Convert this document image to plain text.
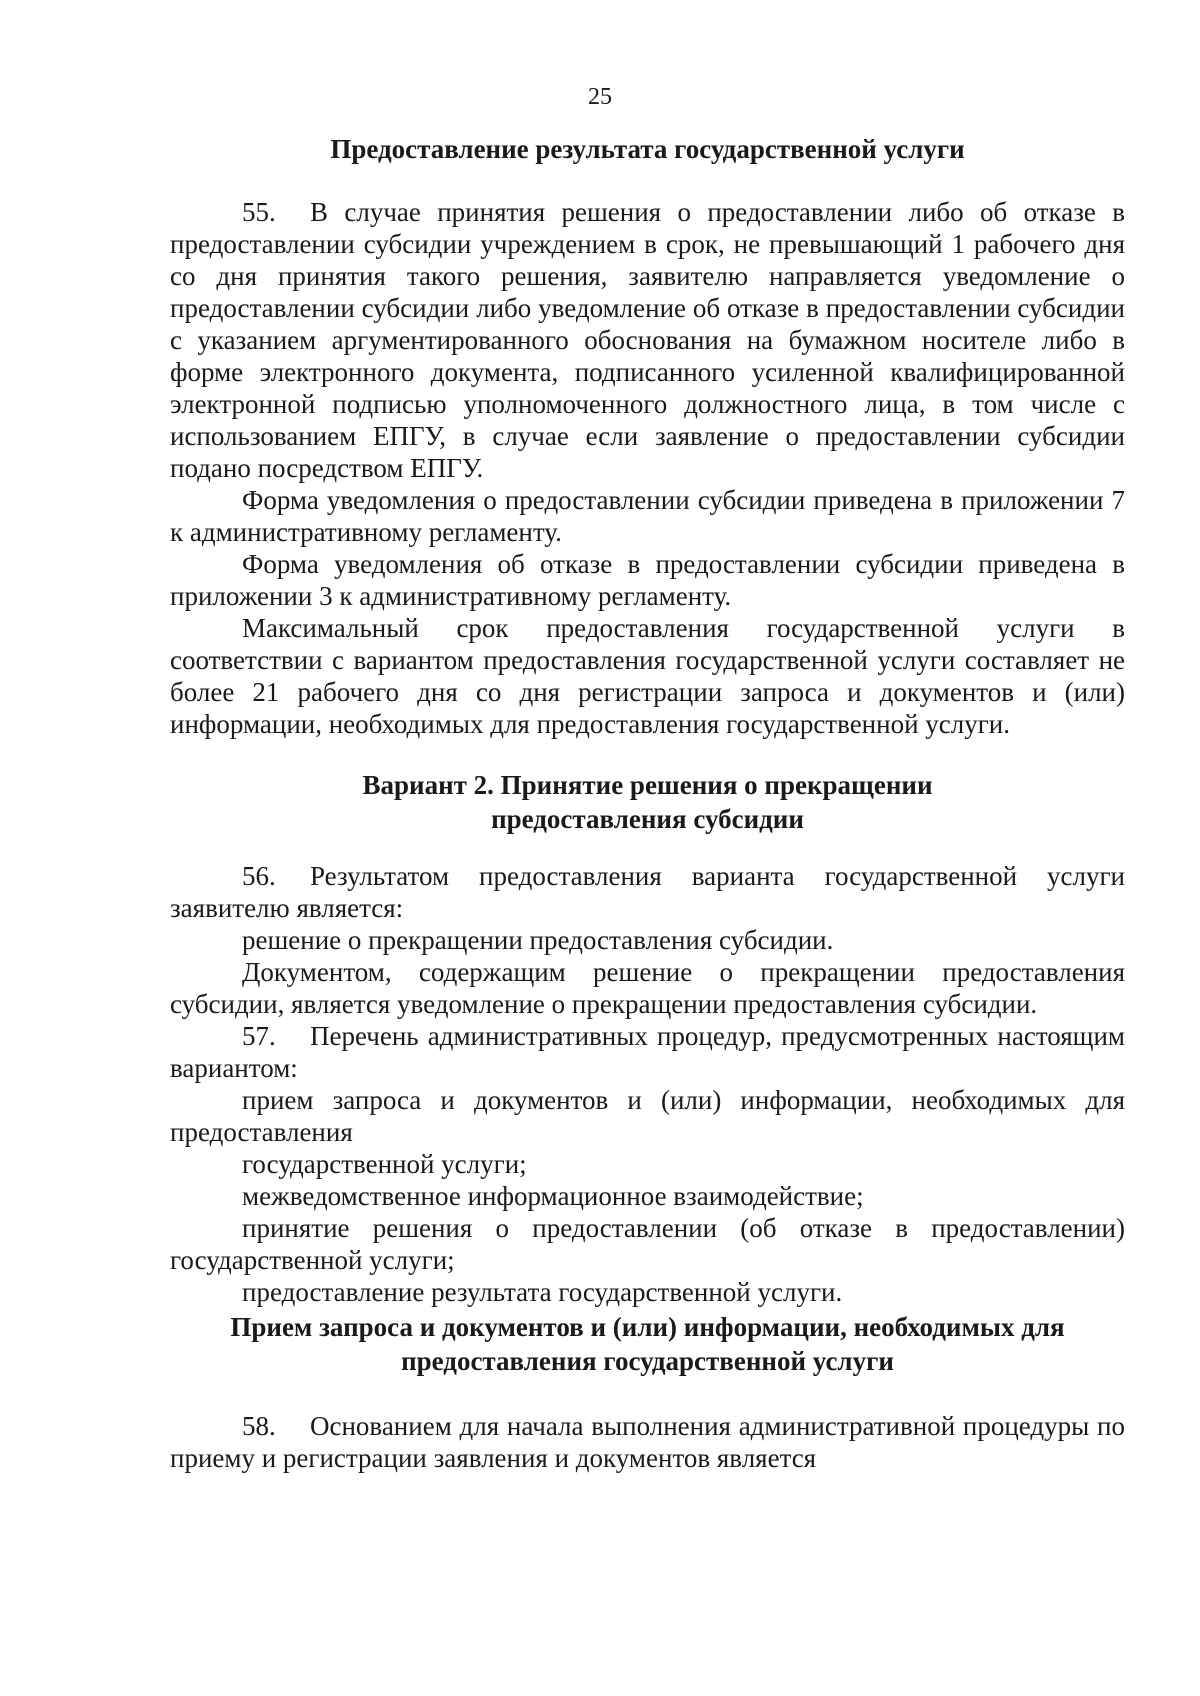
25
Предоставление результата государственной услуги

55. В случае принятия решения о предоставлении либо об отказе в предоставлении субсидии учреждением в срок, не превышающий 1 рабочего дня со дня принятия такого решения, заявителю направляется уведомление о предоставлении субсидии либо уведомление об отказе в предоставлении субсидии с указанием аргументированного обоснования на бумажном носителе либо в форме электронного документа, подписанного усиленной квалифицированной электронной подписью уполномоченного должностного лица, в том числе с использованием ЕПГУ, в случае если заявление о предоставлении субсидии подано посредством ЕПГУ.

Форма уведомления о предоставлении субсидии приведена в приложении 7 к административному регламенту.

Форма уведомления об отказе в предоставлении субсидии приведена в приложении 3 к административному регламенту.

Максимальный срок предоставления государственной услуги в соответствии с вариантом предоставления государственной услуги составляет не более 21 рабочего дня со дня регистрации запроса и документов и (или) информации, необходимых для предоставления государственной услуги.

Вариант 2. Принятие решения о прекращении
предоставления субсидии

56. Результатом предоставления варианта государственной услуги заявителю является:

решение о прекращении предоставления субсидии.

Документом, содержащим решение о прекращении предоставления субсидии, является уведомление о прекращении предоставления субсидии.

57. Перечень административных процедур, предусмотренных настоящим вариантом:

прием запроса и документов и (или) информации, необходимых для предоставления

государственной услуги;

межведомственное информационное взаимодействие;

принятие решения о предоставлении (об отказе в предоставлении) государственной услуги;

предоставление результата государственной услуги.

Прием запроса и документов и (или) информации, необходимых для
предоставления государственной услуги

58. Основанием для начала выполнения административной процедуры по приему и регистрации заявления и документов является
